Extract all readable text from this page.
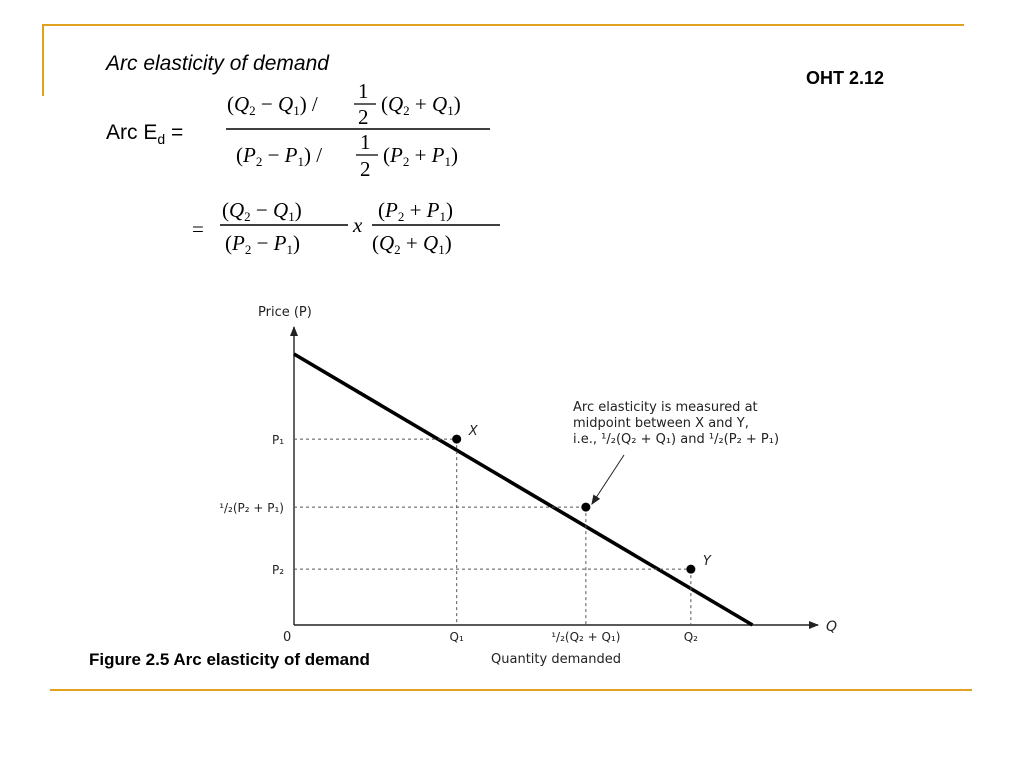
Arc elasticity of demand
OHT 2.12
Arc $E_d$ =
(Q2 − Q1) /
1
2
(Q2 + Q1)
(P2 − P1) /
1
2
(P2 + P1)
=
(Q2 − Q1)
(P2 − P1)
x
(P2 + P1)
(Q2 + Q1)
Price (P)
Q
0
Quantity demanded
X
Q₁
P₁
¹/₂(Q₂ + Q₁)
¹/₂(P₂ + P₁)
Y
Q₂
P₂
Arc elasticity is measured at
midpoint between X and Y,
i.e., ¹/₂(Q₂ + Q₁) and ¹/₂(P₂ + P₁)
Figure 2.5 Arc elasticity of demand
